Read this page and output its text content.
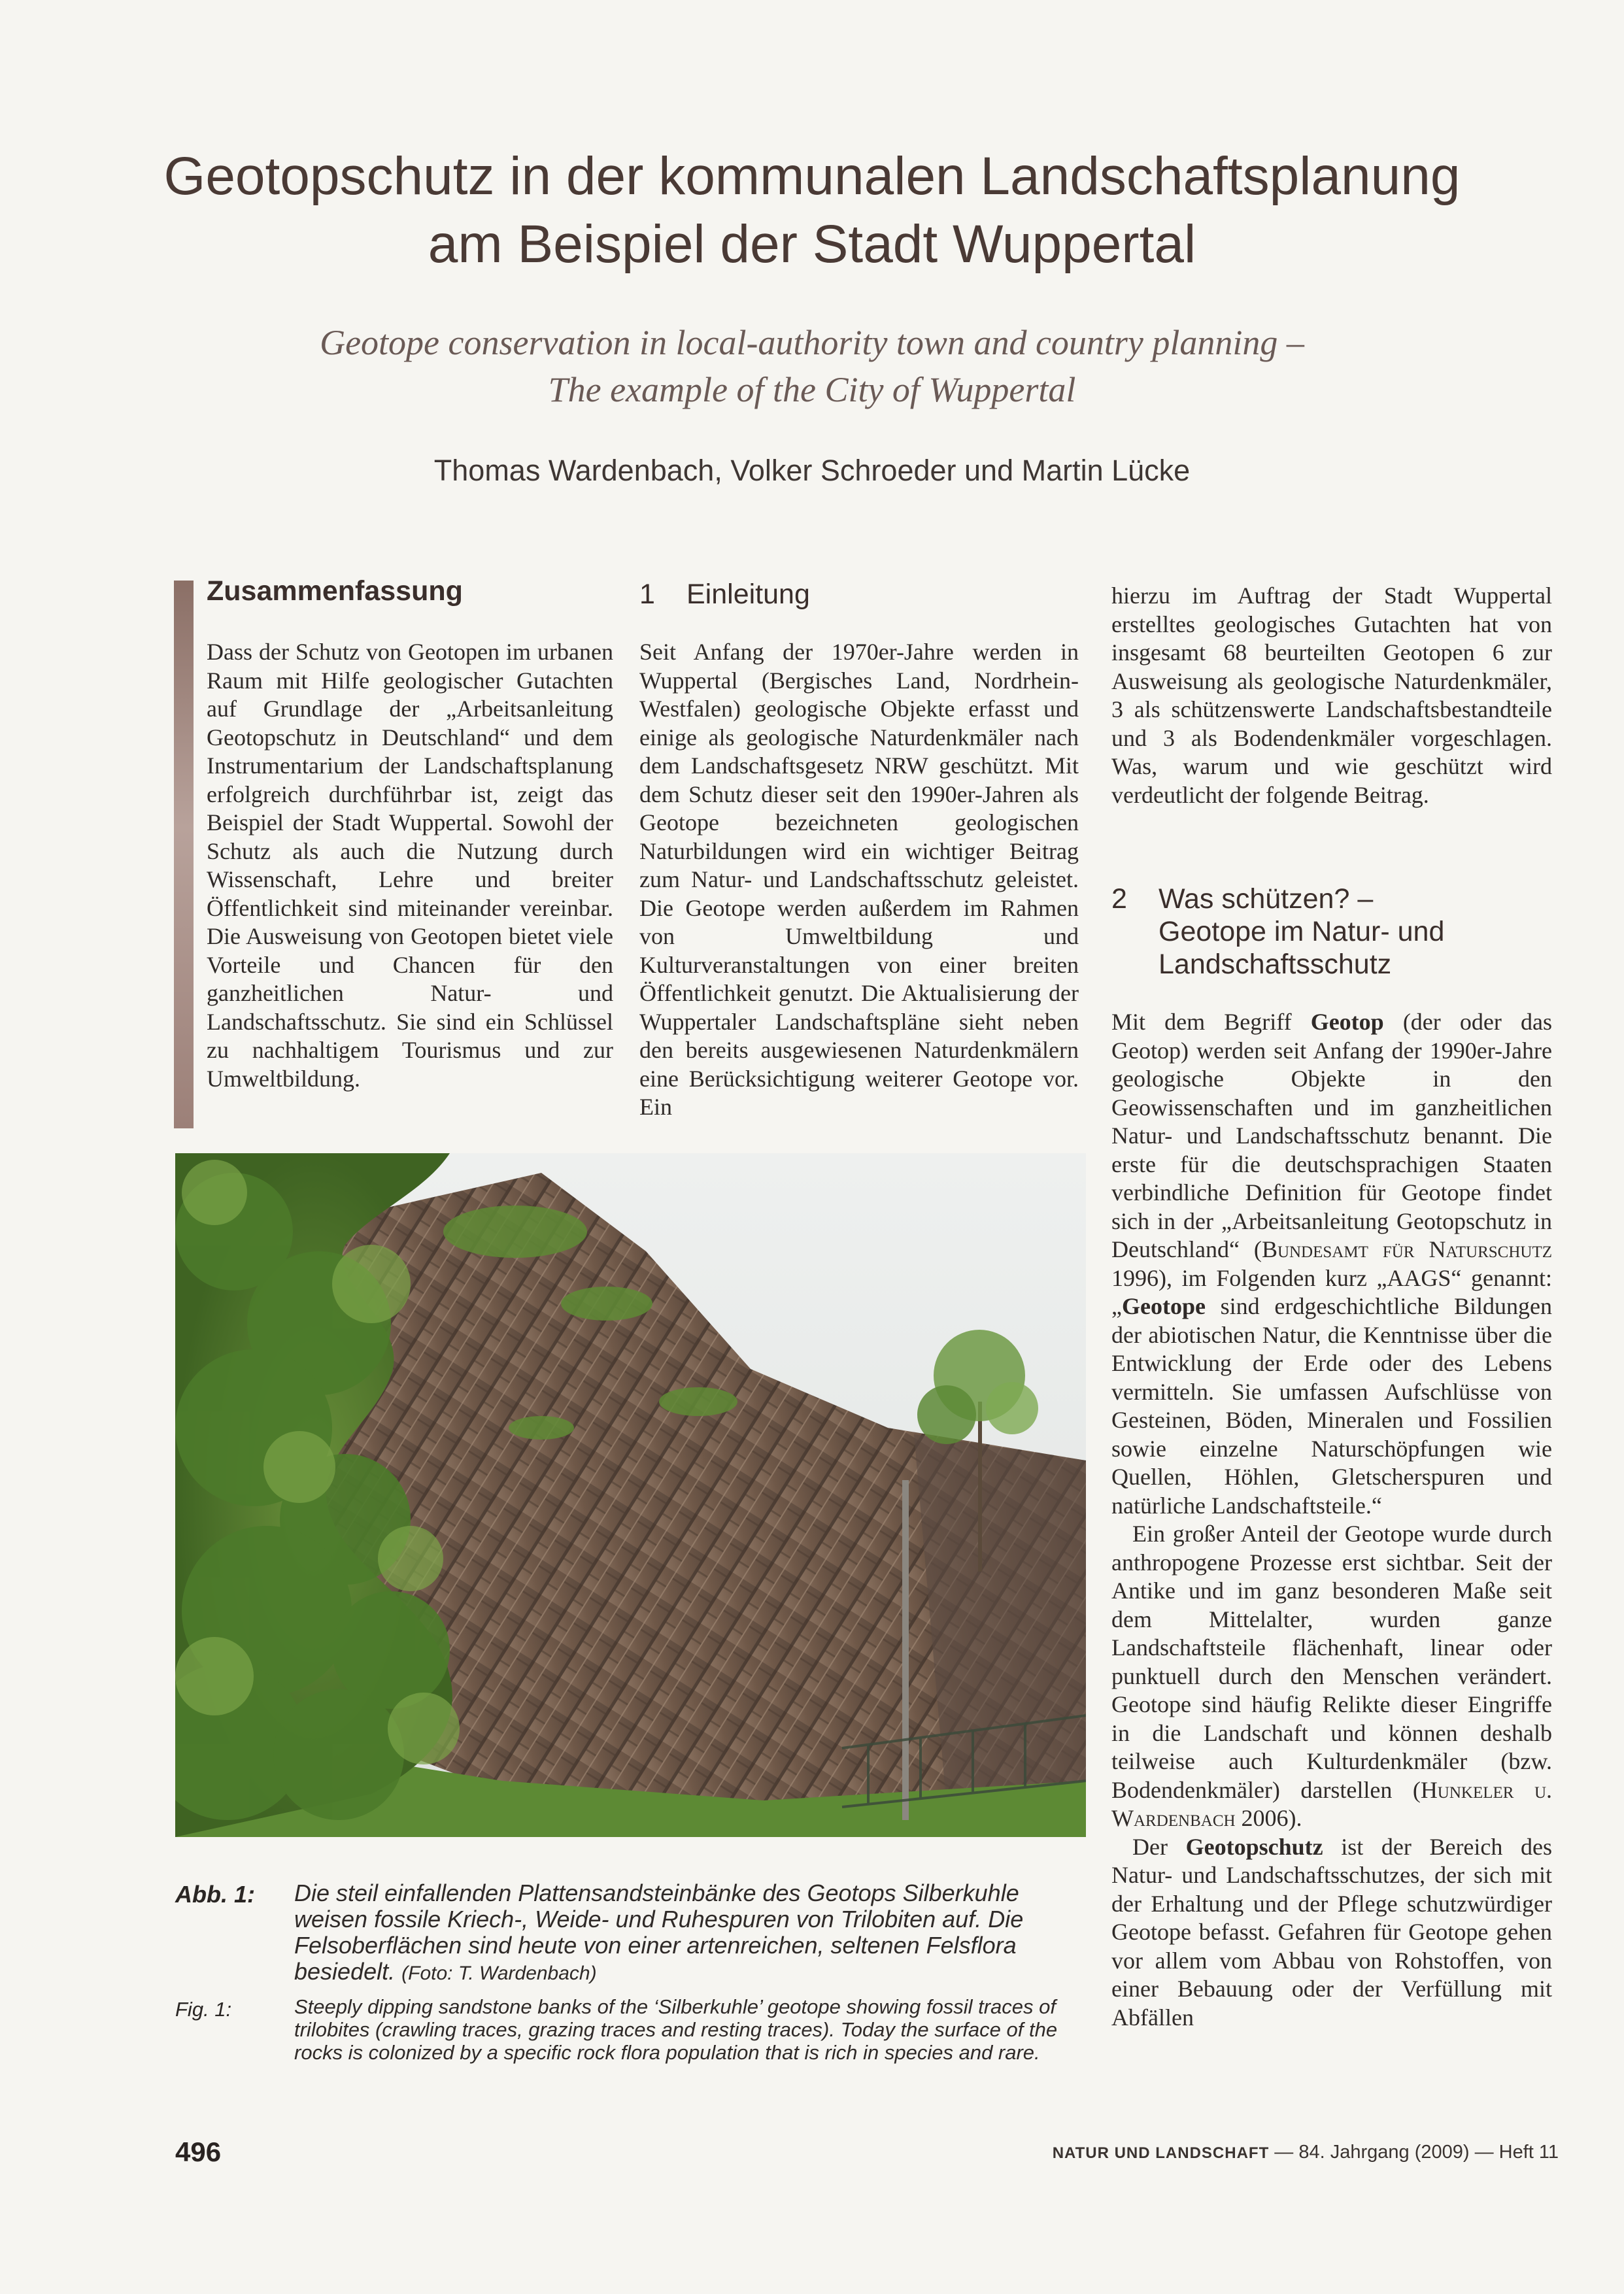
Geotopschutz in der kommunalen Landschaftsplanung
am Beispiel der Stadt Wuppertal
Geotope conservation in local-authority town and country planning –
The example of the City of Wuppertal
Thomas Wardenbach, Volker Schroeder und Martin Lücke
Zusammenfassung

Dass der Schutz von Geotopen im urbanen Raum mit Hilfe geologischer Gutachten auf Grundlage der „Arbeitsanleitung Geotopschutz in Deutschland“ und dem Instrumentarium der Landschaftsplanung erfolgreich durchführbar ist, zeigt das Beispiel der Stadt Wuppertal. Sowohl der Schutz als auch die Nutzung durch Wissenschaft, Lehre und breiter Öffentlichkeit sind miteinander vereinbar. Die Ausweisung von Geotopen bietet viele Vorteile und Chancen für den ganzheitlichen Natur- und Landschaftsschutz. Sie sind ein Schlüssel zu nachhaltigem Tourismus und zur Umweltbildung.

1 Einleitung

Seit Anfang der 1970er-Jahre werden in Wuppertal (Bergisches Land, Nordrhein-Westfalen) geologische Objekte erfasst und einige als geologische Naturdenkmäler nach dem Landschaftsgesetz NRW geschützt. Mit dem Schutz dieser seit den 1990er-Jahren als Geotope bezeichneten geologischen Naturbildungen wird ein wichtiger Beitrag zum Natur- und Landschaftsschutz geleistet. Die Geotope werden außerdem im Rahmen von Umweltbildung und Kulturveranstaltungen von einer breiten Öffentlichkeit genutzt. Die Aktualisierung der Wuppertaler Landschaftspläne sieht neben den bereits ausgewiesenen Naturdenkmälern eine Berücksichtigung weiterer Geotope vor. Ein

hierzu im Auftrag der Stadt Wuppertal erstelltes geologisches Gutachten hat von insgesamt 68 beurteilten Geotopen 6 zur Ausweisung als geologische Naturdenkmäler, 3 als schützenswerte Landschaftsbestandteile und 3 als Bodendenkmäler vorgeschlagen. Was, warum und wie geschützt wird verdeutlicht der folgende Beitrag.

2 Was schützen? –
Geotope im Natur- und
Landschaftsschutz

Mit dem Begriff Geotop (der oder das Geotop) werden seit Anfang der 1990er-Jahre geologische Objekte in den Geowissenschaften und im ganzheitlichen Natur- und Landschaftsschutz benannt. Die erste für die deutschsprachigen Staaten verbindliche Definition für Geotope findet sich in der „Arbeitsanleitung Geotopschutz in Deutschland“ (Bundesamt für Naturschutz 1996), im Folgenden kurz „AAGS“ genannt: „Geotope sind erdgeschichtliche Bildungen der abiotischen Natur, die Kenntnisse über die Entwicklung der Erde oder des Lebens vermitteln. Sie umfassen Aufschlüsse von Gesteinen, Böden, Mineralen und Fossilien sowie einzelne Naturschöpfungen wie Quellen, Höhlen, Gletscherspuren und natürliche Landschaftsteile.“

Ein großer Anteil der Geotope wurde durch anthropogene Prozesse erst sichtbar. Seit der Antike und im ganz besonderen Maße seit dem Mittelalter, wurden ganze Landschaftsteile flächenhaft, linear oder punktuell durch den Menschen verändert. Geotope sind häufig Relikte dieser Eingriffe in die Landschaft und können deshalb teilweise auch Kulturdenkmäler (bzw. Bodendenkmäler) darstellen (Hunkeler u. Wardenbach 2006).

Der Geotopschutz ist der Bereich des Natur- und Landschaftsschutzes, der sich mit der Erhaltung und der Pflege schutzwürdiger Geotope befasst. Gefahren für Geotope gehen vor allem vom Abbau von Rohstoffen, von einer Bebauung oder der Verfüllung mit Abfällen

Abb. 1: Die steil einfallenden Plattensandsteinbänke des Geotops Silberkuhle weisen fossile Kriech-, Weide- und Ruhespuren von Trilobiten auf. Die Felsoberflächen sind heute von einer artenreichen, seltenen Felsflora besiedelt. (Foto: T. Wardenbach)
Fig. 1:	Steeply dipping sandstone banks of the ‘Silberkuhle’ geotope showing fossil traces of trilobites (crawling traces, grazing traces and resting traces). Today the surface of the rocks is colonized by a specific rock flora population that is rich in species and rare.
496	NATUR UND LANDSCHAFT — 84. Jahrgang (2009) — Heft 11
